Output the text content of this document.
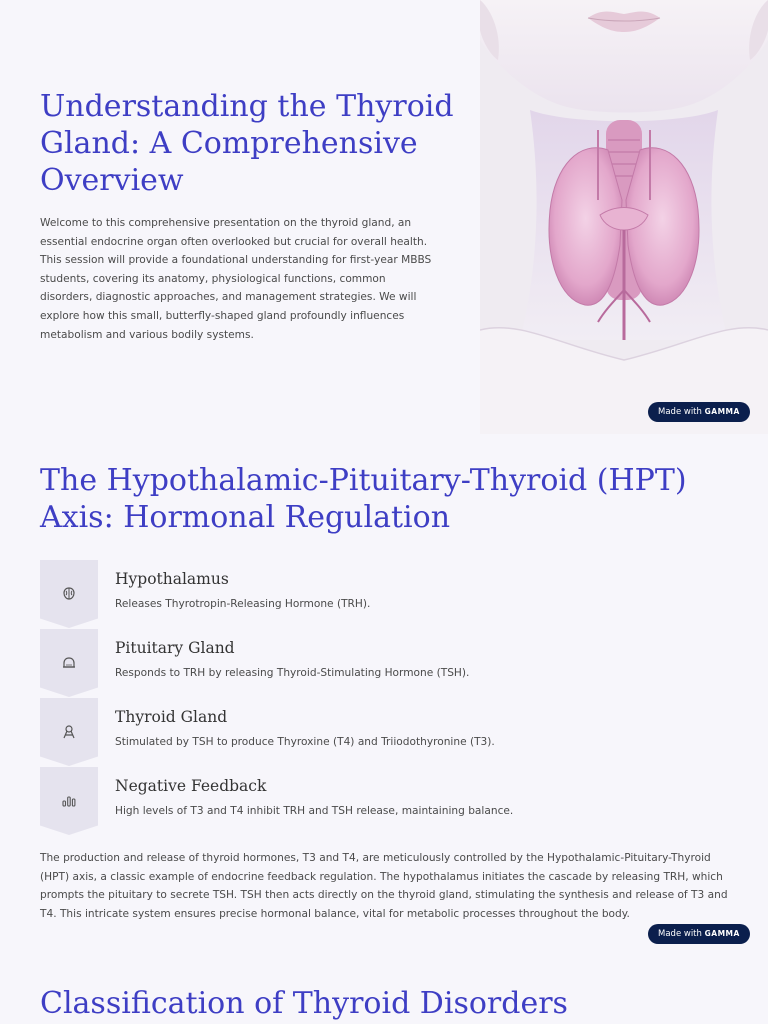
Understanding the Thyroid Gland: A Comprehensive Overview

Welcome to this comprehensive presentation on the thyroid gland, an essential endocrine organ often overlooked but crucial for overall health. This session will provide a foundational understanding for first-year MBBS students, covering its anatomy, physiological functions, common disorders, diagnostic approaches, and management strategies. We will explore how this small, butterfly-shaped gland profoundly influences metabolism and various bodily systems.

Made with GAMMA
The Hypothalamic-Pituitary-Thyroid (HPT) Axis: Hormonal Regulation
Hypothalamus
Releases Thyrotropin-Releasing Hormone (TRH).
Pituitary Gland
Responds to TRH by releasing Thyroid-Stimulating Hormone (TSH).
Thyroid Gland
Stimulated by TSH to produce Thyroxine (T4) and Triiodothyronine (T3).
Negative Feedback
High levels of T3 and T4 inhibit TRH and TSH release, maintaining balance.

The production and release of thyroid hormones, T3 and T4, are meticulously controlled by the Hypothalamic-Pituitary-Thyroid (HPT) axis, a classic example of endocrine feedback regulation. The hypothalamus initiates the cascade by releasing TRH, which prompts the pituitary to secrete TSH. TSH then acts directly on the thyroid gland, stimulating the synthesis and release of T3 and T4. This intricate system ensures precise hormonal balance, vital for metabolic processes throughout the body.

Made with GAMMA
Classification of Thyroid Disorders
